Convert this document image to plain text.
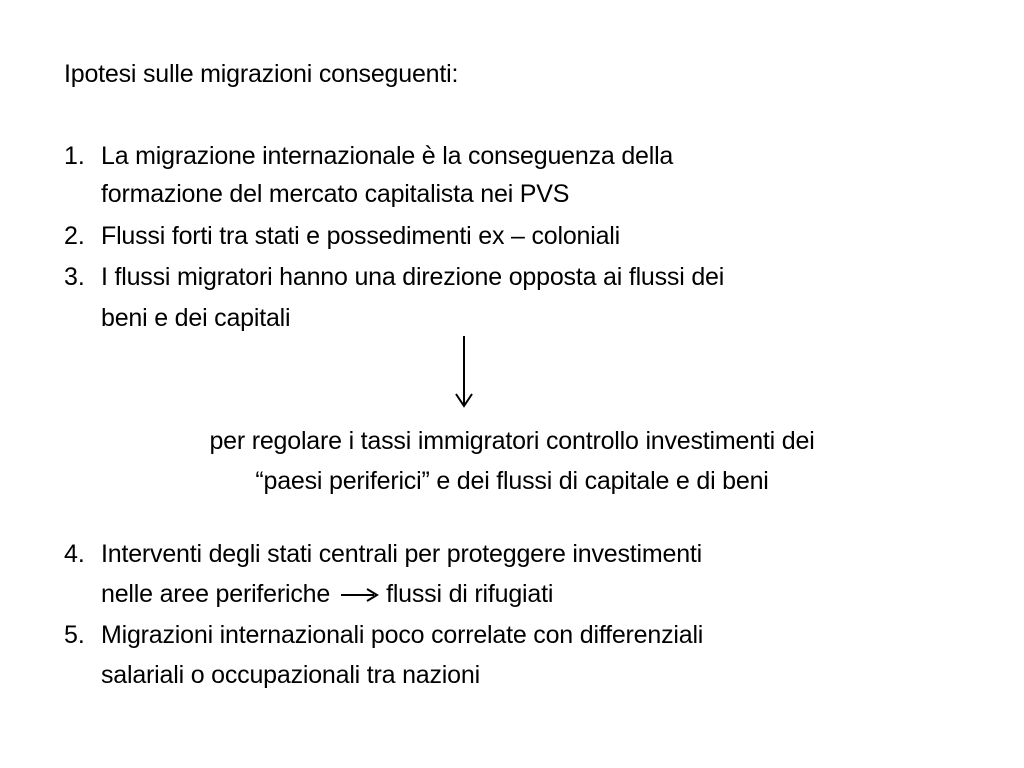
Ipotesi sulle migrazioni conseguenti:
1. La migrazione internazionale è la conseguenza della
formazione del mercato capitalista nei PVS
2. Flussi forti tra stati e possedimenti ex – coloniali
3. I flussi migratori hanno una direzione opposta ai flussi dei
beni e dei capitali
per regolare i tassi immigratori controllo investimenti dei
“paesi periferici” e dei flussi di capitale e di beni
4. Interventi degli stati centrali per proteggere investimenti
nelle aree periferiche flussi di rifugiati
5. Migrazioni internazionali poco correlate con differenziali
salariali o occupazionali tra nazioni
